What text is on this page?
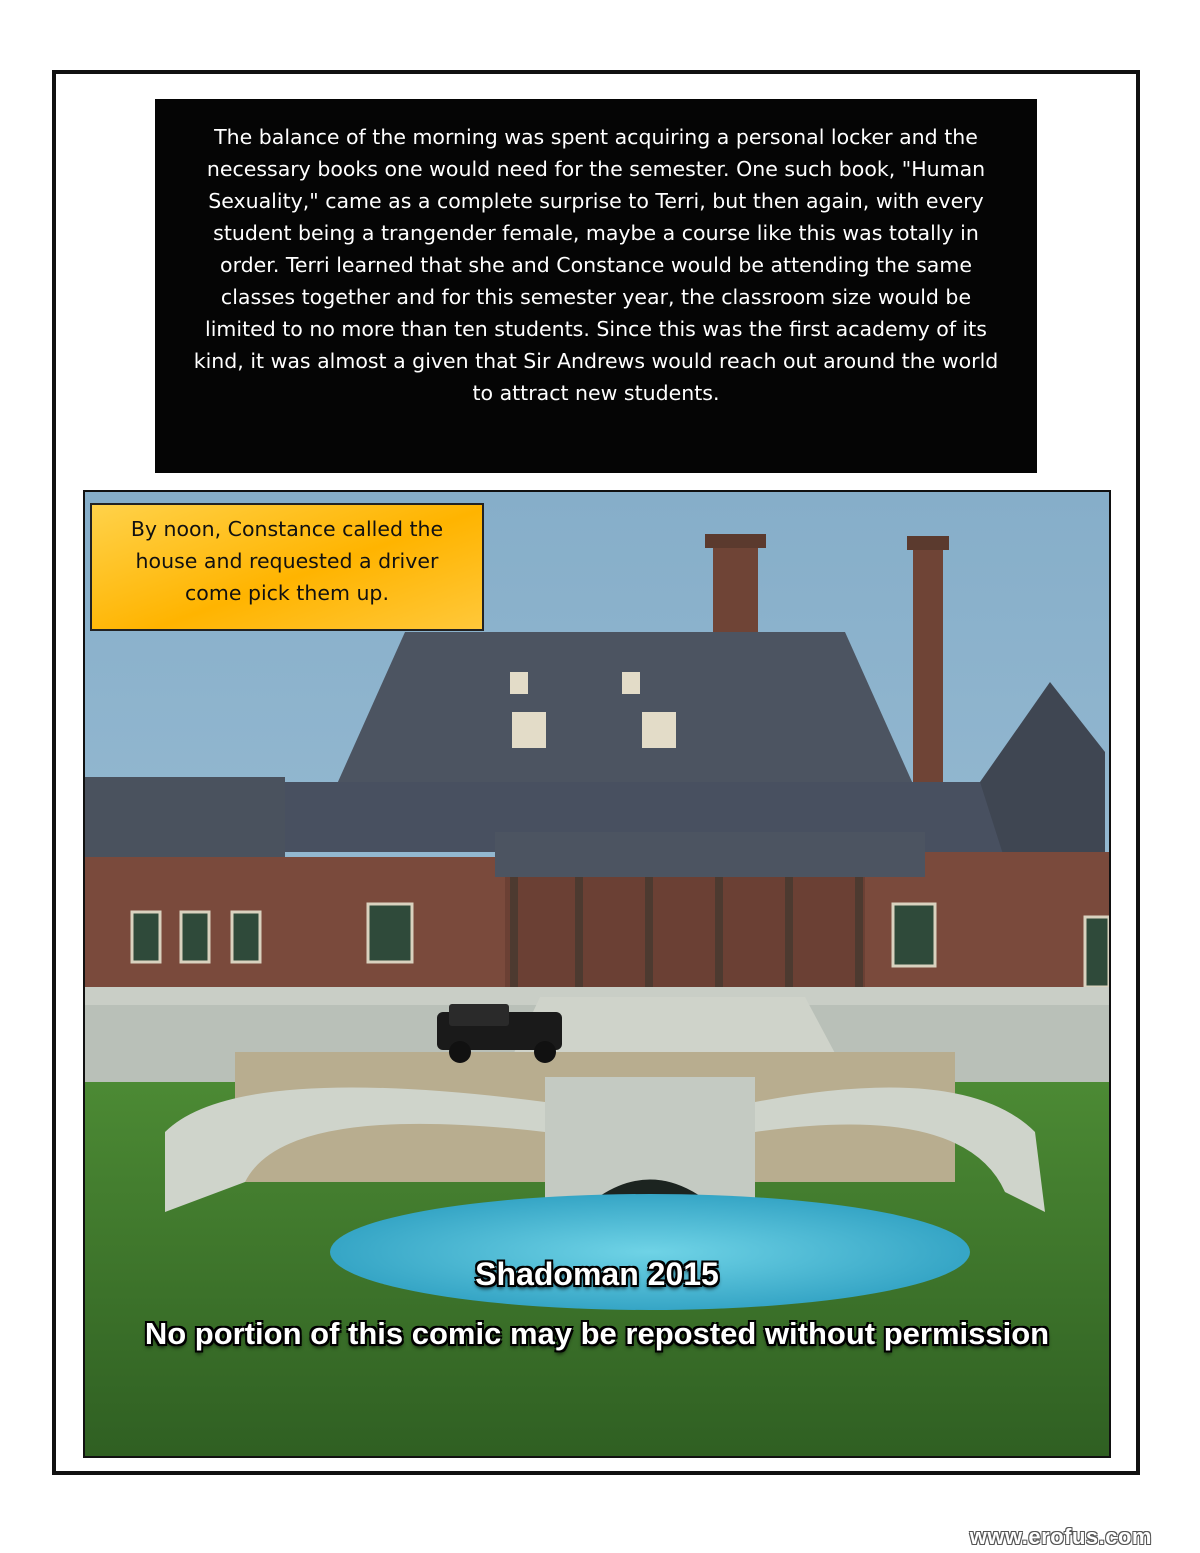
The balance of the morning was spent acquiring a personal locker and the necessary books one would need for the semester. One such book, "Human Sexuality," came as a complete surprise to Terri, but then again, with every student being a trangender female, maybe a course like this was totally in order. Terri learned that she and Constance would be attending the same classes together and for this semester year, the classroom size would be limited to no more than ten students. Since this was the first academy of its kind, it was almost a given that Sir Andrews would reach out around the world to attract new students.
By noon, Constance called the house and requested a driver come pick them up.
Shadoman 2015
No portion of this comic may be reposted without permission
www.erofus.com
